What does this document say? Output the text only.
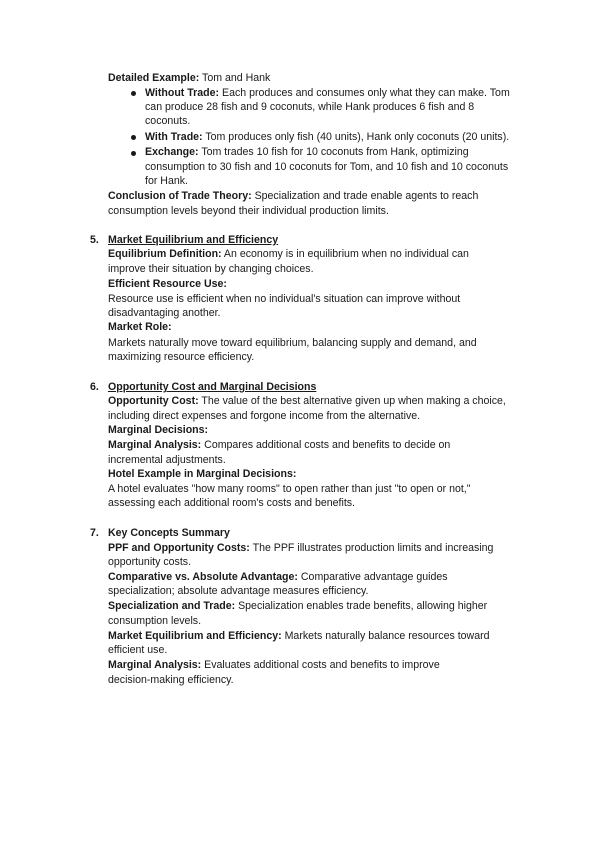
Detailed Example: Tom and Hank
Without Trade: Each produces and consumes only what they can make. Tom
can produce 28 fish and 9 coconuts, while Hank produces 6 fish and 8
coconuts.
With Trade: Tom produces only fish (40 units), Hank only coconuts (20 units).
Exchange: Tom trades 10 fish for 10 coconuts from Hank, optimizing
consumption to 30 fish and 10 coconuts for Tom, and 10 fish and 10 coconuts
for Hank.
Conclusion of Trade Theory: Specialization and trade enable agents to reach
consumption levels beyond their individual production limits.
5. Market Equilibrium and Efficiency
Equilibrium Definition: An economy is in equilibrium when no individual can
improve their situation by changing choices.
Efficient Resource Use:
Resource use is efficient when no individual's situation can improve without
disadvantaging another.
Market Role:
Markets naturally move toward equilibrium, balancing supply and demand, and
maximizing resource efficiency.
6. Opportunity Cost and Marginal Decisions
Opportunity Cost: The value of the best alternative given up when making a choice,
including direct expenses and forgone income from the alternative.
Marginal Decisions:
Marginal Analysis: Compares additional costs and benefits to decide on
incremental adjustments.
Hotel Example in Marginal Decisions:
A hotel evaluates "how many rooms" to open rather than just "to open or not,"
assessing each additional room's costs and benefits.
7. Key Concepts Summary
PPF and Opportunity Costs: The PPF illustrates production limits and increasing
opportunity costs.
Comparative vs. Absolute Advantage: Comparative advantage guides
specialization; absolute advantage measures efficiency.
Specialization and Trade: Specialization enables trade benefits, allowing higher
consumption levels.
Market Equilibrium and Efficiency: Markets naturally balance resources toward
efficient use.
Marginal Analysis: Evaluates additional costs and benefits to improve
decision-making efficiency.
